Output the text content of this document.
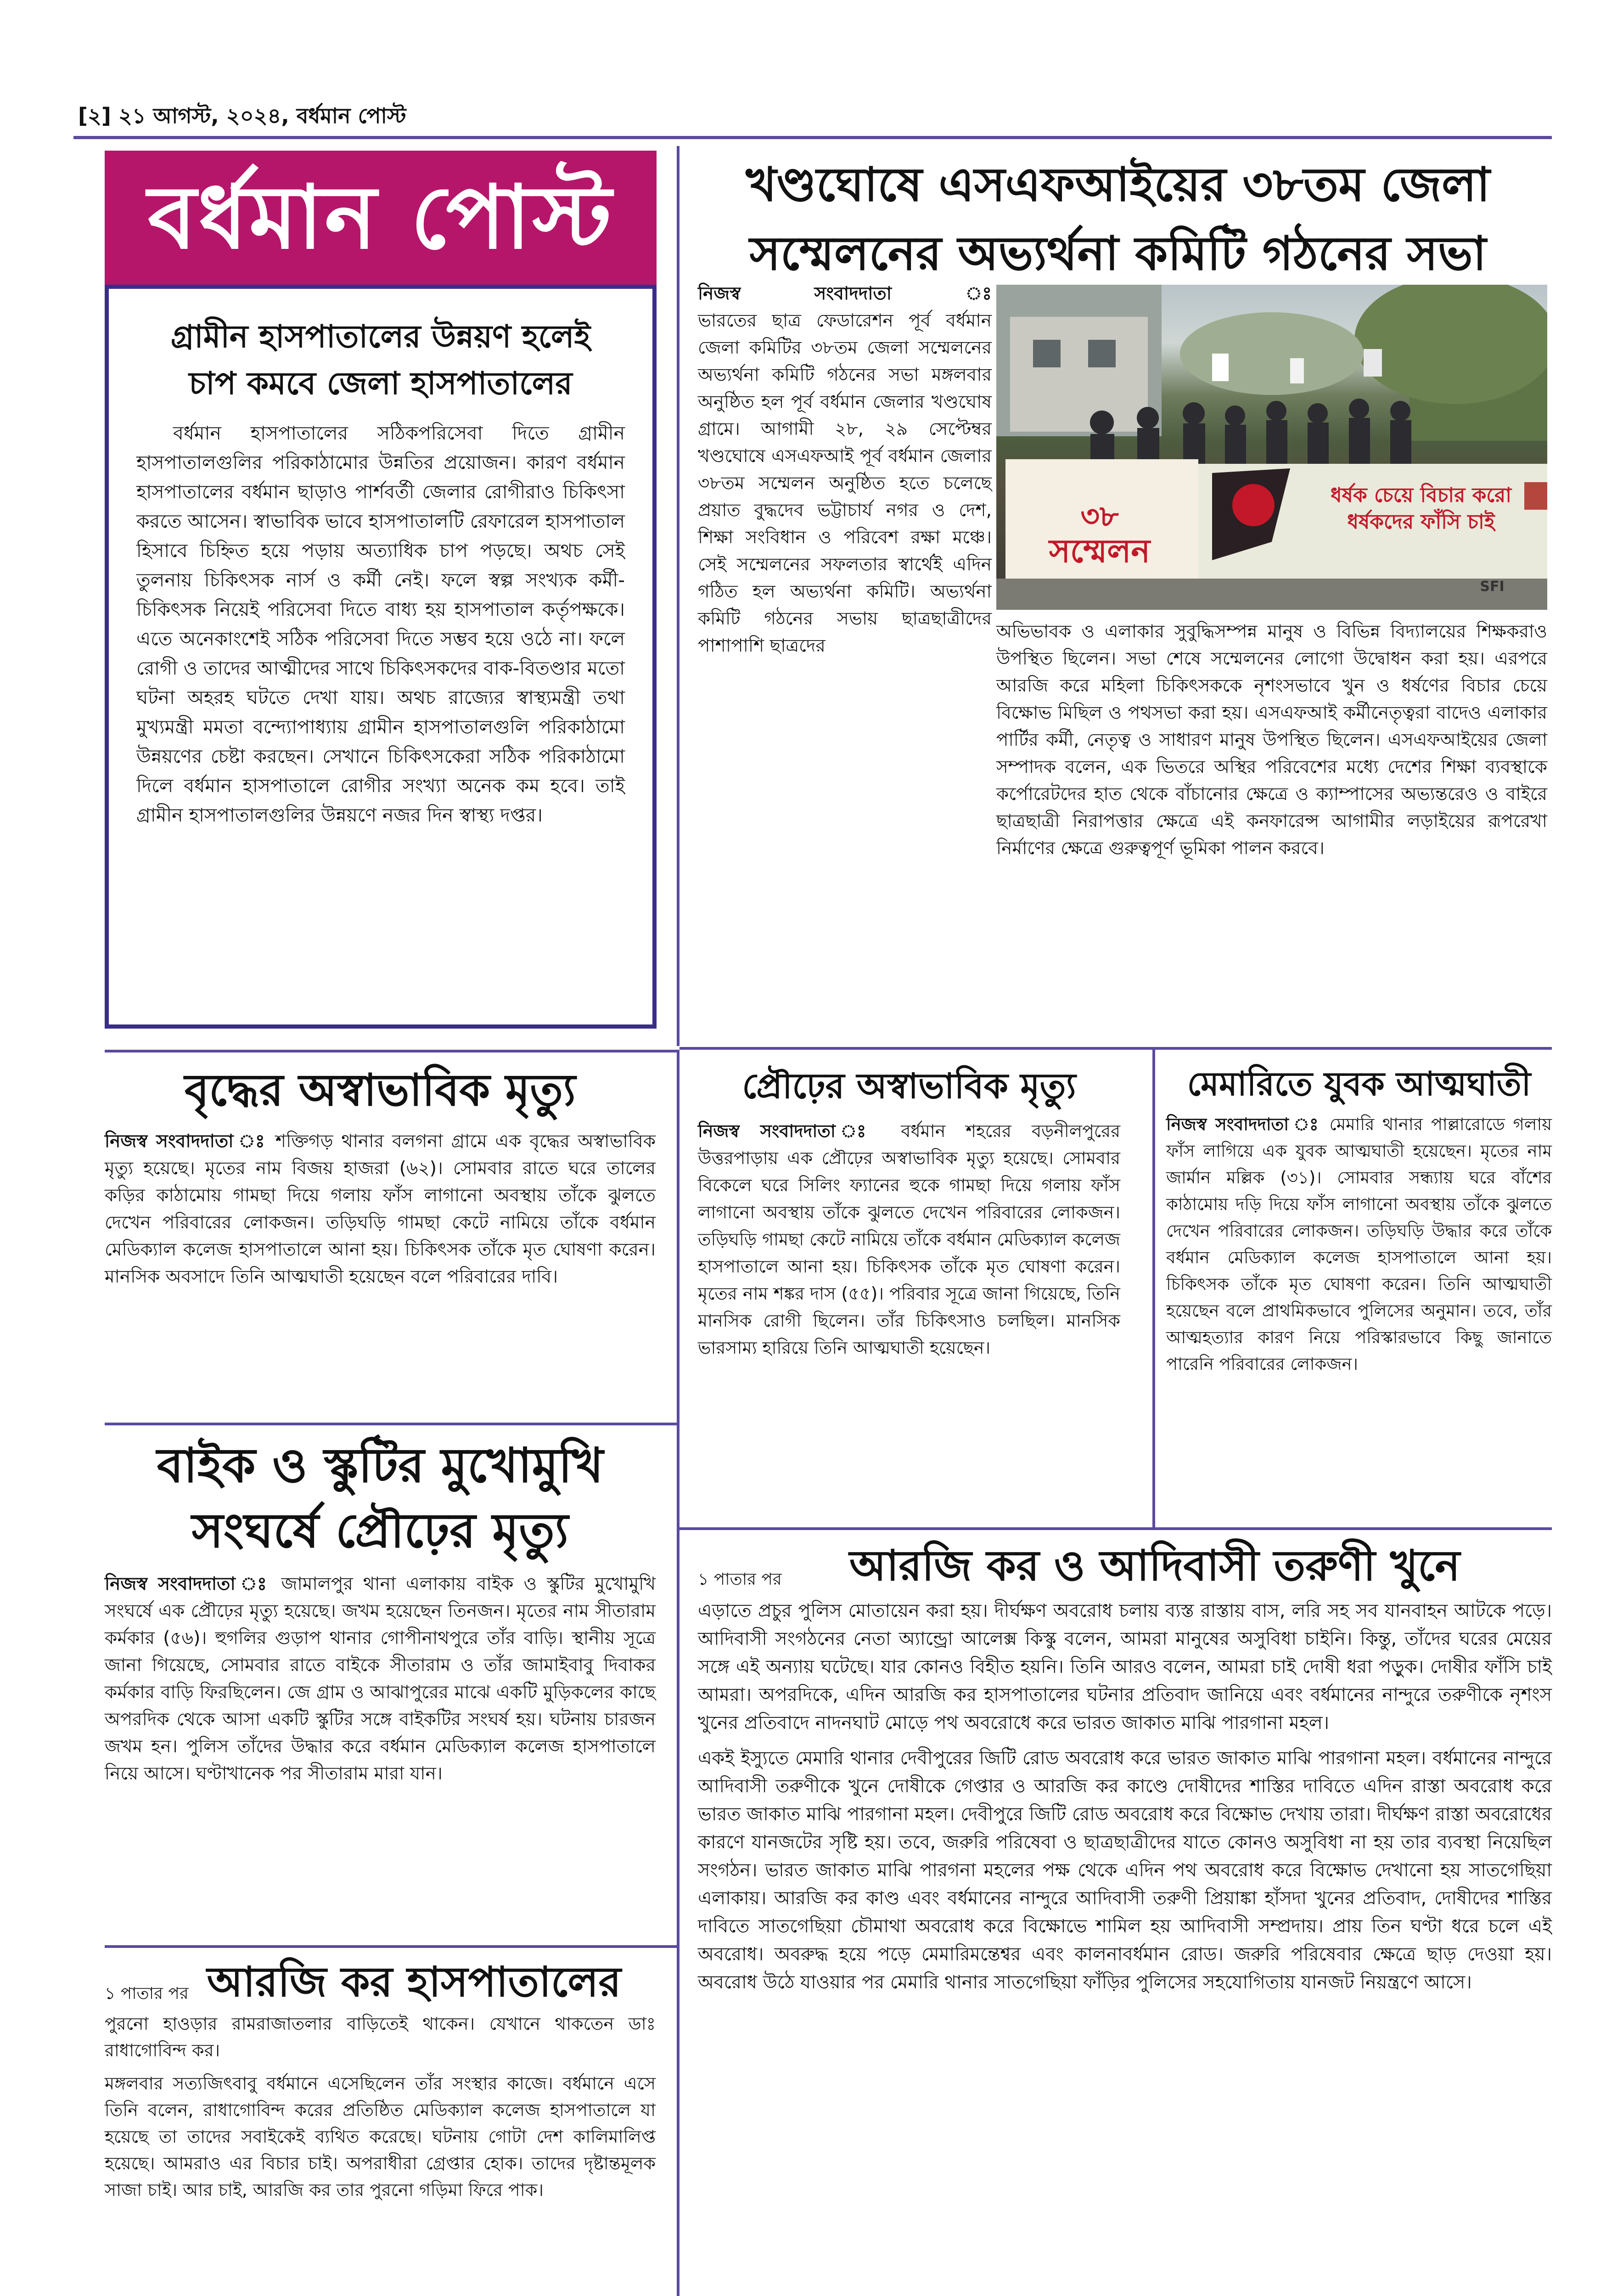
[২] ২১ আগস্ট, ২০২৪, বর্ধমান পোস্ট
বর্ধমান পোস্ট
গ্রামীন হাসপাতালের উন্নয়ণ হলেই
চাপ কমবে জেলা হাসপাতালের
বর্ধমান হাসপাতালের সঠিকপরিসেবা দিতে গ্রামীন হাসপাতালগুলির পরিকাঠামোর উন্নতির প্রয়োজন। কারণ বর্ধমান হাসপাতালের বর্ধমান ছাড়াও পার্শবর্তী জেলার রোগীরাও চিকিৎসা করতে আসেন। স্বাভাবিক ভাবে হাসপাতালটি রেফারেল হাসপাতাল হিসাবে চিহ্নিত হয়ে পড়ায় অত্যাধিক চাপ পড়ছে। অথচ সেই তুলনায় চিকিৎসক নার্স ও কর্মী নেই। ফলে স্বল্প সংখ্যক কর্মী-চিকিৎসক নিয়েই পরিসেবা দিতে বাধ্য হয় হাসপাতাল কর্তৃপক্ষকে। এতে অনেকাংশেই সঠিক পরিসেবা দিতে সম্ভব হয়ে ওঠে না। ফলে রোগী ও তাদের আত্মীদের সাথে চিকিৎসকদের বাক-বিতণ্ডার মতো ঘটনা অহরহ ঘটতে দেখা যায়। অথচ রাজ্যের স্বাস্থ্যমন্ত্রী তথা মুখ্যমন্ত্রী মমতা বন্দ্যোপাধ্যায় গ্রামীন হাসপাতালগুলি পরিকাঠামো উন্নয়ণের চেষ্টা করছেন। সেখানে চিকিৎসকেরা সঠিক পরিকাঠামো দিলে বর্ধমান হাসপাতালে রোগীর সংখ্যা অনেক কম হবে। তাই গ্রামীন হাসপাতালগুলির উন্নয়ণে নজর দিন স্বাস্থ্য দপ্তর।
খণ্ডঘোষে এসএফআইয়ের ৩৮তম জেলা
সম্মেলনের অভ্যর্থনা কমিটি গঠনের সভা
নিজস্ব	সংবাদদাতা	ঃ
ভারতের ছাত্র ফেডারেশন পূর্ব বর্ধমান জেলা কমিটির ৩৮তম জেলা সম্মেলনের অভ্যর্থনা কমিটি গঠনের সভা মঙ্গলবার অনুষ্ঠিত হল পূর্ব বর্ধমান জেলার খণ্ডঘোষ গ্রামে। আগামী ২৮, ২৯ সেপ্টেম্বর খণ্ডঘোষে এসএফআই পূর্ব বর্ধমান জেলার ৩৮তম সম্মেলন অনুষ্ঠিত হতে চলেছে প্রয়াত বুদ্ধদেব ভট্টাচার্য নগর ও দেশ, শিক্ষা সংবিধান ও পরিবেশ রক্ষা মঞ্চে। সেই সম্মেলনের সফলতার স্বার্থেই এদিন গঠিত হল অভ্যর্থনা কমিটি। অভ্যর্থনা কমিটি গঠনের সভায় ছাত্রছাত্রীদের পাশাপাশি ছাত্রদের
ধর্ষক চেয়ে বিচার করো
ধর্ষকদের ফাঁসি চাই
৩৮
সম্মেলন
SFI
অভিভাবক ও এলাকার সুবুদ্ধিসম্পন্ন মানুষ ও বিভিন্ন বিদ্যালয়ের শিক্ষকরাও উপস্থিত ছিলেন। সভা শেষে সম্মেলনের লোগো উদ্বোধন করা হয়। এরপরে আরজি করে মহিলা চিকিৎসককে নৃশংসভাবে খুন ও ধর্ষণের বিচার চেয়ে বিক্ষোভ মিছিল ও পথসভা করা হয়। এসএফআই কর্মীনেতৃত্বরা বাদেও এলাকার পার্টির কর্মী, নেতৃত্ব ও সাধারণ মানুষ উপস্থিত ছিলেন। এসএফআইয়ের জেলা সম্পাদক বলেন, এক ভিতরে অস্থির পরিবেশের মধ্যে দেশের শিক্ষা ব্যবস্থাকে কর্পোরেটদের হাত থেকে বাঁচানোর ক্ষেত্রে ও ক্যাম্পাসের অভ্যন্তরেও ও বাইরে ছাত্রছাত্রী নিরাপত্তার ক্ষেত্রে এই কনফারেন্স আগামীর লড়াইয়ের রূপরেখা নির্মাণের ক্ষেত্রে গুরুত্বপূর্ণ ভূমিকা পালন করবে।
বৃদ্ধের অস্বাভাবিক মৃত্যু
নিজস্ব সংবাদদাতা ঃ শক্তিগড় থানার বলগনা গ্রামে এক বৃদ্ধের অস্বাভাবিক মৃত্যু হয়েছে। মৃতের নাম বিজয় হাজরা (৬২)। সোমবার রাতে ঘরে তালের কড়ির কাঠামোয় গামছা দিয়ে গলায় ফাঁস লাগানো অবস্থায় তাঁকে ঝুলতে দেখেন পরিবারের লোকজন। তড়িঘড়ি গামছা কেটে নামিয়ে তাঁকে বর্ধমান মেডিক্যাল কলেজ হাসপাতালে আনা হয়। চিকিৎসক তাঁকে মৃত ঘোষণা করেন। মানসিক অবসাদে তিনি আত্মঘাতী হয়েছেন বলে পরিবারের দাবি।
প্রৌঢ়ের অস্বাভাবিক মৃত্যু
নিজস্ব সংবাদদাতা ঃ বর্ধমান শহরের বড়নীলপুরের উত্তরপাড়ায় এক প্রৌঢ়ের অস্বাভাবিক মৃত্যু হয়েছে। সোমবার বিকেলে ঘরে সিলিং ফ্যানের হুকে গামছা দিয়ে গলায় ফাঁস লাগানো অবস্থায় তাঁকে ঝুলতে দেখেন পরিবারের লোকজন। তড়িঘড়ি গামছা কেটে নামিয়ে তাঁকে বর্ধমান মেডিক্যাল কলেজ হাসপাতালে আনা হয়। চিকিৎসক তাঁকে মৃত ঘোষণা করেন। মৃতের নাম শঙ্কর দাস (৫৫)। পরিবার সূত্রে জানা গিয়েছে, তিনি মানসিক রোগী ছিলেন। তাঁর চিকিৎসাও চলছিল। মানসিক ভারসাম্য হারিয়ে তিনি আত্মঘাতী হয়েছেন।
মেমারিতে যুবক আত্মঘাতী
নিজস্ব সংবাদদাতা ঃ মেমারি থানার পাল্লারোডে গলায় ফাঁস লাগিয়ে এক যুবক আত্মঘাতী হয়েছেন। মৃতের নাম জার্মান মল্লিক (৩১)। সোমবার সন্ধ্যায় ঘরে বাঁশের কাঠামোয় দড়ি দিয়ে ফাঁস লাগানো অবস্থায় তাঁকে ঝুলতে দেখেন পরিবারের লোকজন। তড়িঘড়ি উদ্ধার করে তাঁকে বর্ধমান মেডিক্যাল কলেজ হাসপাতালে আনা হয়। চিকিৎসক তাঁকে মৃত ঘোষণা করেন। তিনি আত্মঘাতী হয়েছেন বলে প্রাথমিকভাবে পুলিসের অনুমান। তবে, তাঁর আত্মহত্যার কারণ নিয়ে পরিস্কারভাবে কিছু জানাতে পারেনি পরিবারের লোকজন।
বাইক ও স্কুটির মুখোমুখি
সংঘর্ষে প্রৌঢ়ের মৃত্যু
নিজস্ব সংবাদদাতা ঃ জামালপুর থানা এলাকায় বাইক ও স্কুটির মুখোমুখি সংঘর্ষে এক প্রৌঢ়ের মৃত্যু হয়েছে। জখম হয়েছেন তিনজন। মৃতের নাম সীতারাম কর্মকার (৫৬)। হুগলির গুড়াপ থানার গোপীনাথপুরে তাঁর বাড়ি। স্থানীয় সূত্রে জানা গিয়েছে, সোমবার রাতে বাইকে সীতারাম ও তাঁর জামাইবাবু দিবাকর কর্মকার বাড়ি ফিরছিলেন। জে গ্রাম ও আঝাপুরের মাঝে একটি মুড়িকলের কাছে অপরদিক থেকে আসা একটি স্কুটির সঙ্গে বাইকটির সংঘর্ষ হয়। ঘটনায় চারজন জখম হন। পুলিস তাঁদের উদ্ধার করে বর্ধমান মেডিক্যাল কলেজ হাসপাতালে নিয়ে আসে। ঘণ্টাখানেক পর সীতারাম মারা যান।
১ পাতার পর আরজি কর হাসপাতালের
পুরনো হাওড়ার রামরাজাতলার বাড়িতেই থাকেন। যেখানে থাকতেন ডাঃ রাধাগোবিন্দ কর।
মঙ্গলবার সত্যজিৎবাবু বর্ধমানে এসেছিলেন তাঁর সংস্থার কাজে। বর্ধমানে এসে তিনি বলেন, রাধাগোবিন্দ করের প্রতিষ্ঠিত মেডিক্যাল কলেজ হাসপাতালে যা হয়েছে তা তাদের সবাইকেই ব্যথিত করেছে। ঘটনায় গোটা দেশ কালিমালিপ্ত হয়েছে। আমরাও এর বিচার চাই। অপরাধীরা গ্রেপ্তার হোক। তাদের দৃষ্টান্তমূলক সাজা চাই। আর চাই, আরজি কর তার পুরনো গড়িমা ফিরে পাক।
১ পাতার পর	আরজি কর ও আদিবাসী তরুণী খুনে
এড়াতে প্রচুর পুলিস মোতায়েন করা হয়। দীর্ঘক্ষণ অবরোধ চলায় ব্যস্ত রাস্তায় বাস, লরি সহ সব যানবাহন আটকে পড়ে। আদিবাসী সংগঠনের নেতা অ্যান্ড্রো আলেক্স কিস্কু বলেন, আমরা মানুষের অসুবিধা চাইনি। কিন্তু, তাঁদের ঘরের মেয়ের সঙ্গে এই অন্যায় ঘটেছে। যার কোনও বিহীত হয়নি। তিনি আরও বলেন, আমরা চাই দোষী ধরা পড়ুক। দোষীর ফাঁসি চাই আমরা। অপরদিকে, এদিন আরজি কর হাসপাতালের ঘটনার প্রতিবাদ জানিয়ে এবং বর্ধমানের নান্দুরে তরুণীকে নৃশংস খুনের প্রতিবাদে নাদনঘাট মোড়ে পথ অবরোধে করে ভারত জাকাত মাঝি পারগানা মহল।
একই ইস্যুতে মেমারি থানার দেবীপুরের জিটি রোড অবরোধ করে ভারত জাকাত মাঝি পারগানা মহল। বর্ধমানের নান্দুরে আদিবাসী তরুণীকে খুনে দোষীকে গেপ্তার ও আরজি কর কাণ্ডে দোষীদের শাস্তির দাবিতে এদিন রাস্তা অবরোধ করে ভারত জাকাত মাঝি পারগানা মহল। দেবীপুরে জিটি রোড অবরোধ করে বিক্ষোভ দেখায় তারা। দীর্ঘক্ষণ রাস্তা অবরোধের কারণে যানজটের সৃষ্টি হয়। তবে, জরুরি পরিষেবা ও ছাত্রছাত্রীদের যাতে কোনও অসুবিধা না হয় তার ব্যবস্থা নিয়েছিল সংগঠন। ভারত জাকাত মাঝি পারগনা মহলের পক্ষ থেকে এদিন পথ অবরোধ করে বিক্ষোভ দেখানো হয় সাতগেছিয়া এলাকায়। আরজি কর কাণ্ড এবং বর্ধমানের নান্দুরে আদিবাসী তরুণী প্রিয়াঙ্কা হাঁসদা খুনের প্রতিবাদ, দোষীদের শাস্তির দাবিতে সাতগেছিয়া চৌমাথা অবরোধ করে বিক্ষোভে শামিল হয় আদিবাসী সম্প্রদায়। প্রায় তিন ঘণ্টা ধরে চলে এই অবরোধ। অবরুদ্ধ হয়ে পড়ে মেমারিমন্তেশ্বর এবং কালনাবর্ধমান রোড। জরুরি পরিষেবার ক্ষেত্রে ছাড় দেওয়া হয়। অবরোধ উঠে যাওয়ার পর মেমারি থানার সাতগেছিয়া ফাঁড়ির পুলিসের সহযোগিতায় যানজট নিয়ন্ত্রণে আসে।
